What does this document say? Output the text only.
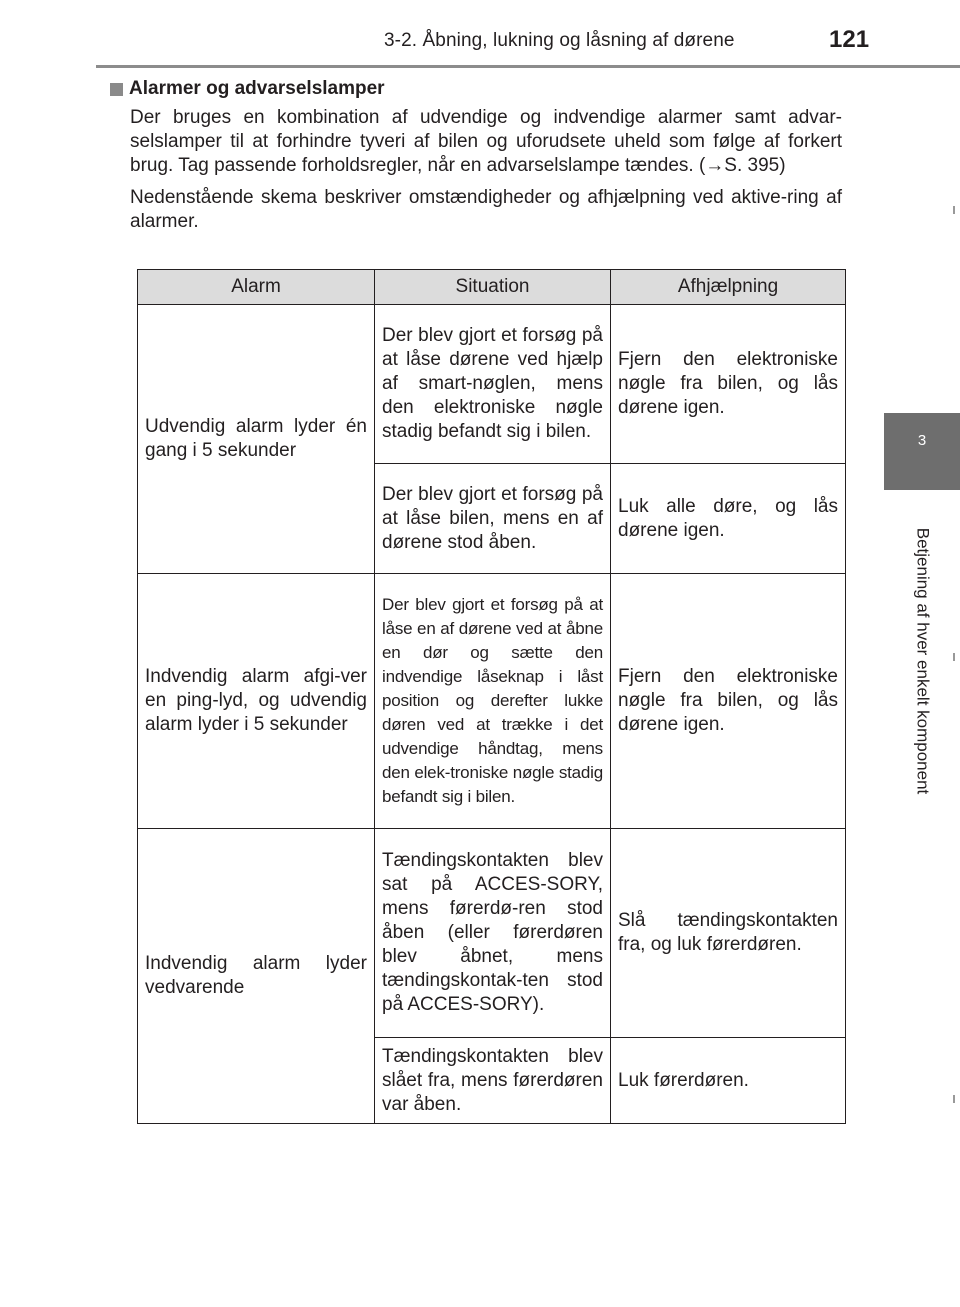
3-2. Åbning, lukning og låsning af dørene	121
3
Betjening af hver enkelt komponent
Alarmer og advarselslamper

Der bruges en kombination af udvendige og indvendige alarmer samt advar-selslamper til at forhindre tyveri af bilen og uforudsete uheld som følge af forkert brug. Tag passende forholdsregler, når en advarselslampe tændes. (→S. 395)

Nedenstående skema beskriver omstændigheder og afhjælpning ved aktive-ring af alarmer.

Alarm	Situation	Afhjælpning
Udvendig alarm lyder én gang i 5 sekunder	Der blev gjort et forsøg på at låse dørene ved hjælp af smart-nøglen, mens den elektroniske nøgle stadig befandt sig i bilen.	Fjern den elektroniske nøgle fra bilen, og lås dørene igen.
	Der blev gjort et forsøg på at låse bilen, mens en af dørene stod åben.	Luk alle døre, og lås dørene igen.
Indvendig alarm afgi-ver en ping-lyd, og udvendig alarm lyder i 5 sekunder	Der blev gjort et forsøg på at låse en af dørene ved at åbne en dør og sætte den indvendige låseknap i låst position og derefter lukke døren ved at trække i det udvendige håndtag, mens den elek-troniske nøgle stadig befandt sig i bilen.	Fjern den elektroniske nøgle fra bilen, og lås dørene igen.
Indvendig alarm lyder vedvarende	Tændingskontakten blev sat på ACCES-SORY, mens førerdø-ren stod åben (eller førerdøren blev åbnet, mens tændingskontak-ten stod på ACCES-SORY).	Slå tændingskontakten fra, og luk førerdøren.
	Tændingskontakten blev slået fra, mens førerdøren var åben.	Luk førerdøren.
